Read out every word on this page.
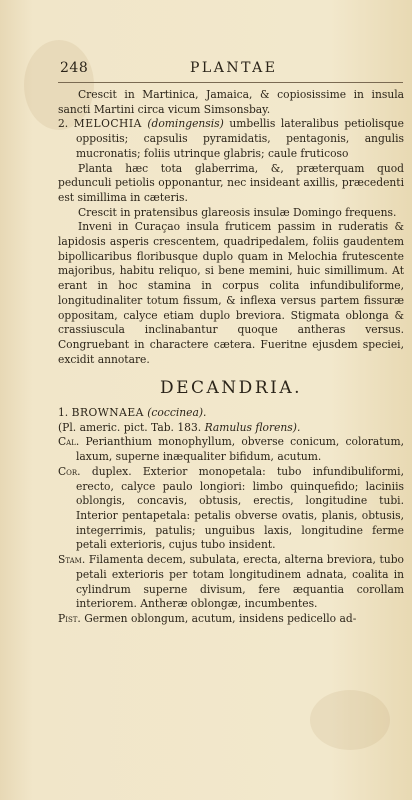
248	PLANTAE

Crescit in Martinica, Jamaica, & copiosissime in insula sancti Martini circa vicum Simsonsbay.

2. MELOCHIA (domingensis) umbellis lateralibus petiolisque oppositis; capsulis pyramidatis, pentagonis, angulis mucronatis; foliis utrinque glabris; caule fruticoso

Planta hæc tota glaberrima, &, præterquam quod pedunculi petiolis opponantur, nec insideant axillis, præcedenti est simillima in cæteris.

Crescit in pratensibus glareosis insulæ Domingo frequens.

Inveni in Curaçao insula fruticem passim in ruderatis & lapidosis asperis crescentem, quadripedalem, foliis gaudentem bipollicaribus floribusque duplo quam in Melochia frutescente majoribus, habitu reliquo, si bene memini, huic simillimum. At erant in hoc stamina in corpus colita infundibuliforme, longitudinaliter totum fissum, & inflexa versus partem fissuræ oppositam, calyce etiam duplo breviora. Stigmata oblonga & crassiuscula inclinabantur quoque antheras versus. Congruebant in charactere cætera. Fueritne ejusdem speciei, excidit annotare.

DECANDRIA.

1. BROWNAEA (coccinea).

(Pl. americ. pict. Tab. 183. Ramulus florens).

Cal. Perianthium monophyllum, obverse conicum, coloratum, laxum, superne inæqualiter bifidum, acutum.

Cor. duplex. Exterior monopetala: tubo infundibuliformi, erecto, calyce paulo longiori: limbo quinquefido; laciniis oblongis, concavis, obtusis, erectis, longitudine tubi. Interior pentapetala: petalis obverse ovatis, planis, obtusis, integerrimis, patulis; unguibus laxis, longitudine ferme petali exterioris, cujus tubo insident.

Stam. Filamenta decem, subulata, erecta, alterna breviora, tubo petali exterioris per totam longitudinem adnata, coalita in cylindrum superne divisum, fere æquantia corollam interiorem. Antheræ oblongæ, incumbentes.

Pist. Germen oblongum, acutum, insidens pedicello ad-
